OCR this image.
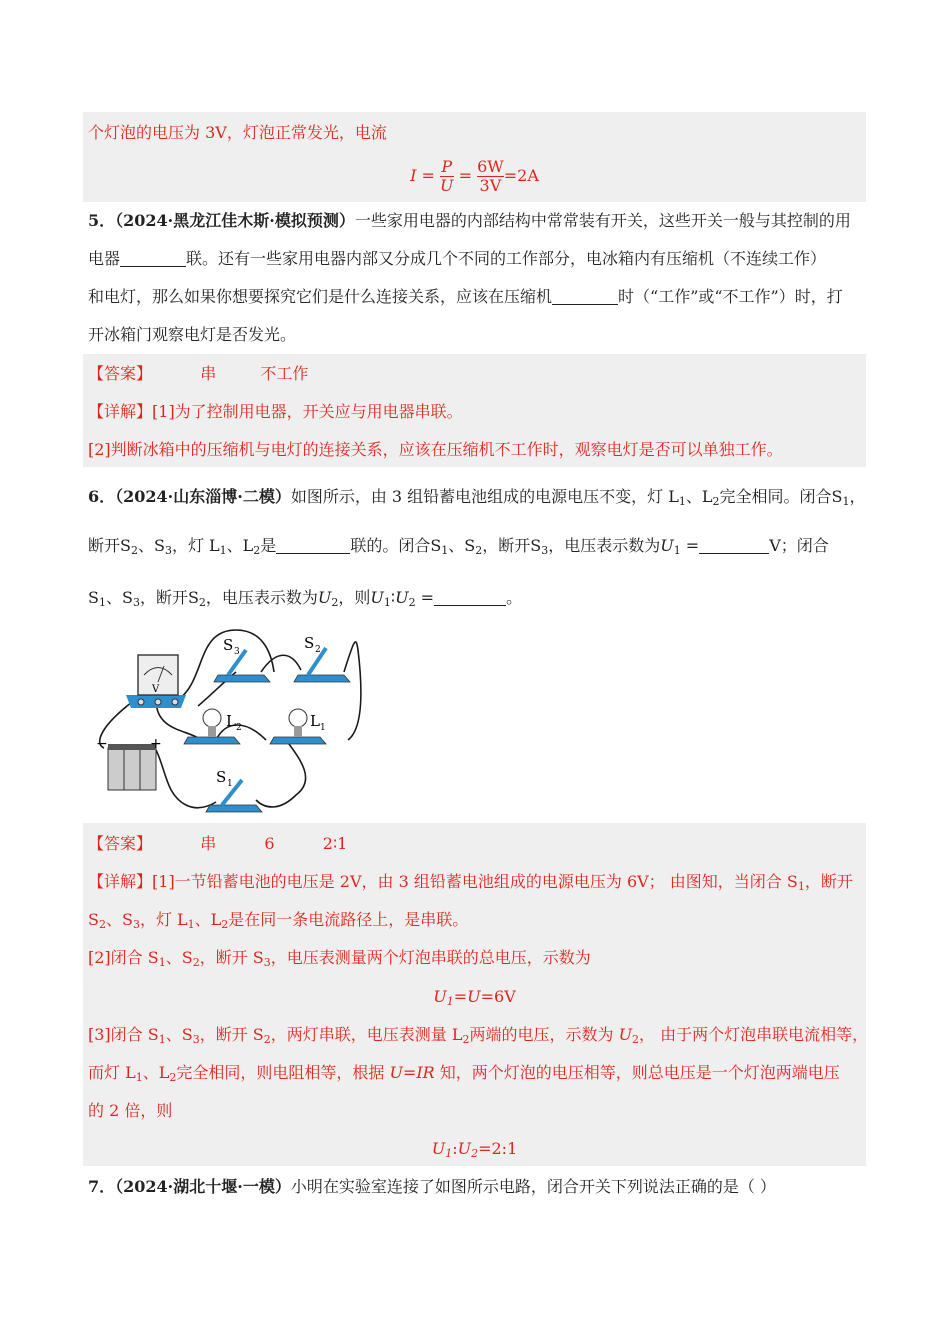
个灯泡的电压为 3V，灯泡正常发光，电流
$I = \frac{P}{U} = \frac{6W}{3V} =2A$
5．（2024·黑龙江佳木斯·模拟预测）一些家用电器的内部结构中常常装有开关，这些开关一般与其控制的用
电器	联。还有一些家用电器内部又分成几个不同的工作部分，电冰箱内有压缩机（不连续工作）
和电灯，那么如果你想要探究它们是什么连接关系，应该在压缩机	时（“工作”或“不工作”）时，打
开冰箱门观察电灯是否发光。
【答案】	串	不工作
【详解】[1]为了控制用电器，开关应与用电器串联。
[2]判断冰箱中的压缩机与电灯的连接关系，应该在压缩机不工作时，观察电灯是否可以单独工作。
6．（2024·山东淄博·二模）如图所示，由 3 组铅蓄电池组成的电源电压不变，灯 $L_1$、$L_2$完全相同。闭合$S_1$，
断开$S_2$、$S_3$，灯 $L_1$、$L_2$是	联的。闭合$S_1$、$S_2$，断开$S_3$，电压表示数为$U_1$ =	V；闭合
$S_1$、$S_3$，断开$S_2$，电压表示数为$U_2$，则$U_1∶U_2$ =	。
V
−	+
S 3	S 2
L 2	L 1
S 1
【答案】	串	6	2∶1
【详解】[1]一节铅蓄电池的电压是 2V，由 3 组铅蓄电池组成的电源电压为 6V； 由图知，当闭合 $S_1$，断开
$S_2$、$S_3$，灯 $L_1$、$L_2$是在同一条电流路径上，是串联。
[2]闭合 $S_1$、$S_2$，断开 $S_3$，电压表测量两个灯泡串联的总电压，示数为
$U_1=U=6V$
[3]闭合 $S_1$、$S_3$，断开 $S_2$，两灯串联，电压表测量 $L_2$两端的电压，示数为 $U_2$， 由于两个灯泡串联电流相等，
而灯 $L_1$、$L_2$完全相同，则电阻相等，根据 U=IR 知，两个灯泡的电压相等，则总电压是一个灯泡两端电压
的 2 倍，则
$U_1:U_2=2:1$
7．（2024·湖北十堰·一模）小明在实验室连接了如图所示电路，闭合开关下列说法正确的是（ ）
